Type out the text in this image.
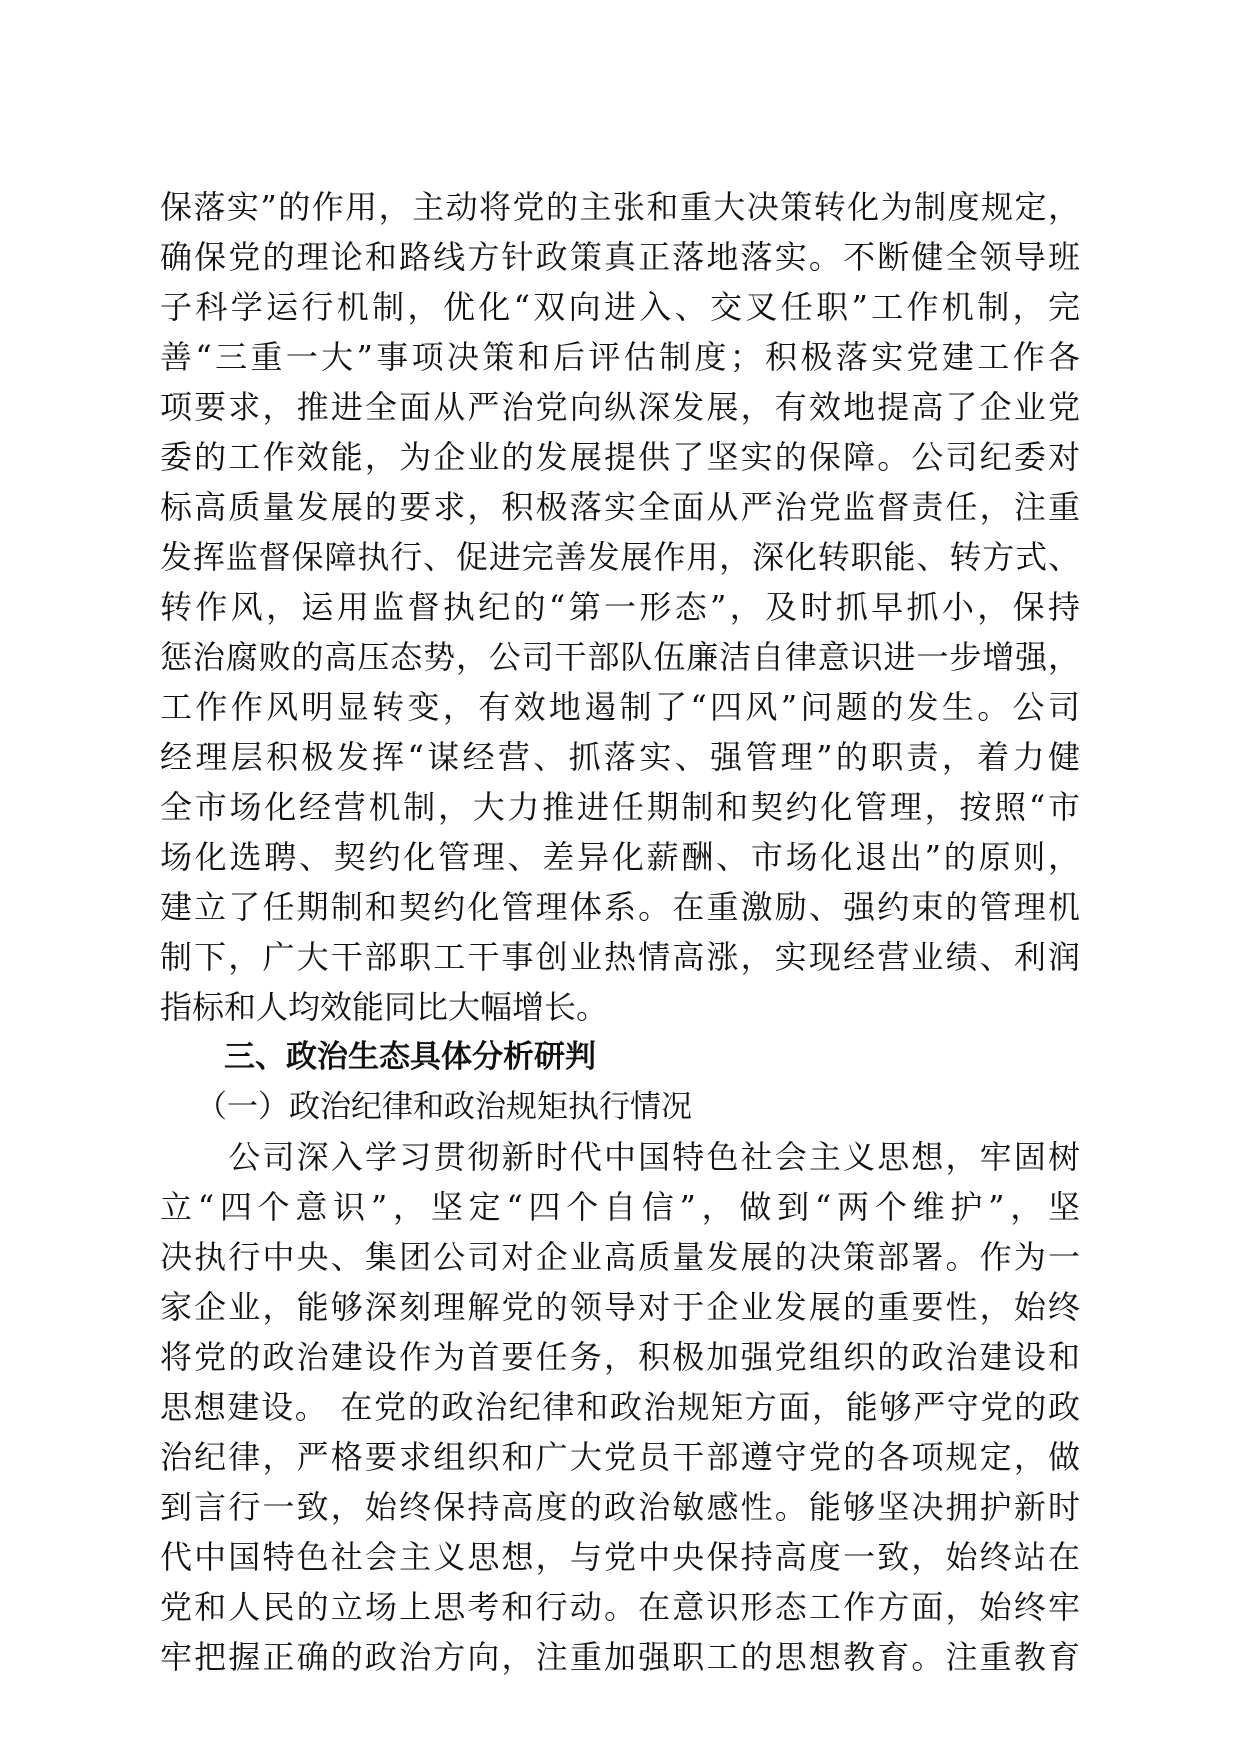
保落实”的作用，主动将党的主张和重大决策转化为制度规定，
确保党的理论和路线方针政策真正落地落实。不断健全领导班
子科学运行机制，优化“双向进入、交叉任职”工作机制，完
善“三重一大”事项决策和后评估制度；积极落实党建工作各
项要求，推进全面从严治党向纵深发展，有效地提高了企业党
委的工作效能，为企业的发展提供了坚实的保障。公司纪委对
标高质量发展的要求，积极落实全面从严治党监督责任，注重
发挥监督保障执行、促进完善发展作用，深化转职能、转方式、
转作风，运用监督执纪的“第一形态”，及时抓早抓小，保持
惩治腐败的高压态势，公司干部队伍廉洁自律意识进一步增强，
工作作风明显转变，有效地遏制了“四风”问题的发生。公司
经理层积极发挥“谋经营、抓落实、强管理”的职责，着力健
全市场化经营机制，大力推进任期制和契约化管理，按照“市
场化选聘、契约化管理、差异化薪酬、市场化退出”的原则，
建立了任期制和契约化管理体系。在重激励、强约束的管理机
制下，广大干部职工干事创业热情高涨，实现经营业绩、利润
指标和人均效能同比大幅增长。
三、政治生态具体分析研判
（一）政治纪律和政治规矩执行情况
　　公司深入学习贯彻新时代中国特色社会主义思想，牢固树
立“四个意识”，坚定“四个自信”，做到“两个维护”，坚
决执行中央、集团公司对企业高质量发展的决策部署。作为一
家企业，能够深刻理解党的领导对于企业发展的重要性，始终
将党的政治建设作为首要任务，积极加强党组织的政治建设和
思想建设。 在党的政治纪律和政治规矩方面，能够严守党的政
治纪律，严格要求组织和广大党员干部遵守党的各项规定，做
到言行一致，始终保持高度的政治敏感性。能够坚决拥护新时
代中国特色社会主义思想，与党中央保持高度一致，始终站在
党和人民的立场上思考和行动。在意识形态工作方面，始终牢
牢把握正确的政治方向，注重加强职工的思想教育。注重教育
